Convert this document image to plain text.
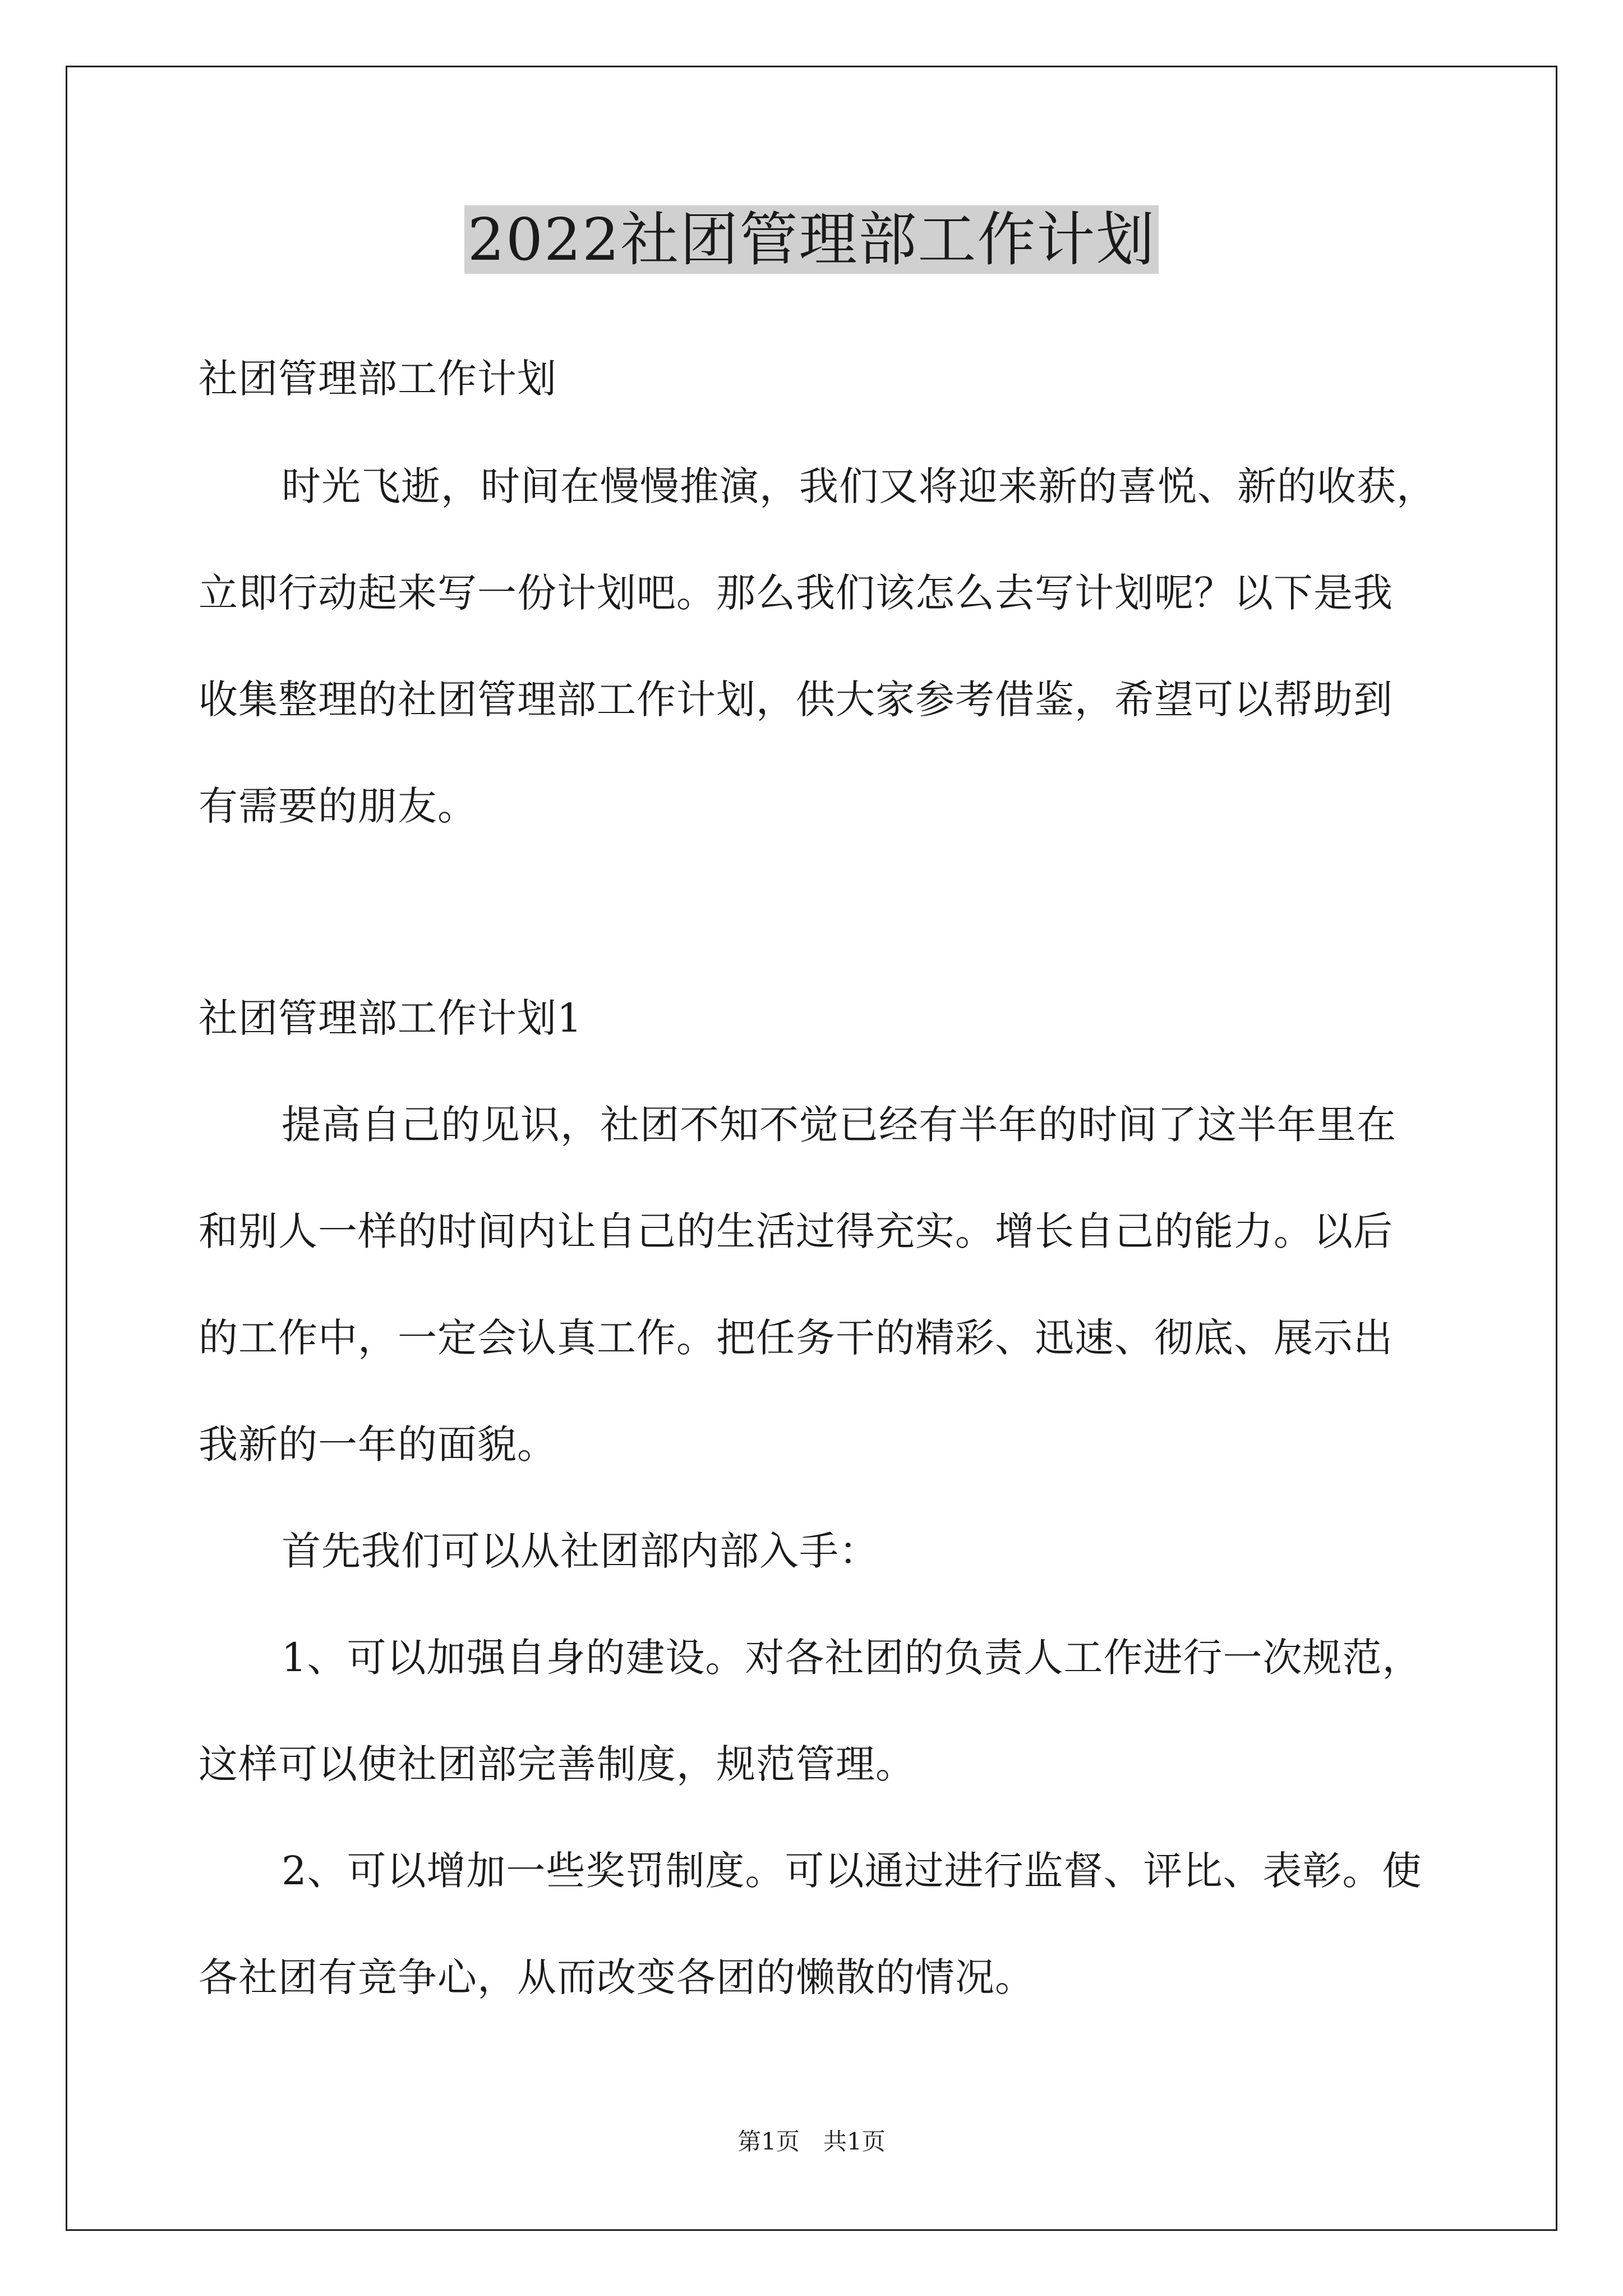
2022社团管理部工作计划
社团管理部工作计划
时光飞逝，时间在慢慢推演，我们又将迎来新的喜悦、新的收获，
立即行动起来写一份计划吧。那么我们该怎么去写计划呢？以下是我
收集整理的社团管理部工作计划，供大家参考借鉴，希望可以帮助到
有需要的朋友。
社团管理部工作计划1
提高自己的见识，社团不知不觉已经有半年的时间了这半年里在
和别人一样的时间内让自己的生活过得充实。增长自己的能力。以后
的工作中，一定会认真工作。把任务干的精彩、迅速、彻底、展示出
我新的一年的面貌。
首先我们可以从社团部内部入手：
1、可以加强自身的建设。对各社团的负责人工作进行一次规范，
这样可以使社团部完善制度，规范管理。
2、可以增加一些奖罚制度。可以通过进行监督、评比、表彰。使
各社团有竞争心，从而改变各团的懒散的情况。
第1页　共1页
